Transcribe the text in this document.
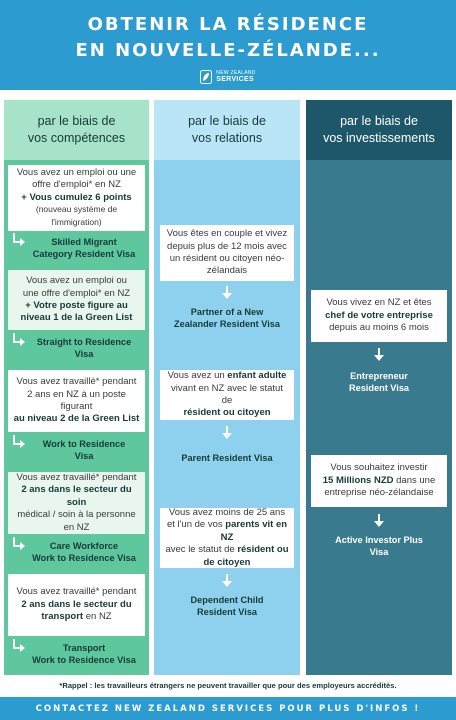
OBTENIR LA RÉSIDENCE
EN NOUVELLE-ZÉLANDE...
NEW ZEALAND
SERVICES
par le biais de
vos compétences
Vous avez un emploi ou une
offre d'emploi* en NZ
+ Vous cumulez 6 points
(nouveau système de l'immigration)
Skilled Migrant
Category Resident Visa
Vous avez un emploi ou
une offre d'emploi* en NZ
+ Votre poste figure au niveau 1 de la Green List
Straight to Residence
Visa
Vous avez travaillé* pendant 2 ans en NZ à un poste figurant
au niveau 2 de la Green List
Work to Residence
Visa
Vous avez travaillé* pendant
2 ans dans le secteur du soin
médical / soin à la personne en NZ
Care Workforce
Work to Residence Visa
Vous avez travaillé* pendant
2 ans dans le secteur du transport en NZ
Transport
Work to Residence Visa
par le biais de
vos relations
Vous êtes en couple et vivez depuis plus de 12 mois avec un résident ou citoyen néo-zélandais
Partner of a New
Zealander Resident Visa
Vous avez un enfant adulte
vivant en NZ avec le statut de
résident ou citoyen
Parent Resident Visa
Vous avez moins de 25 ans et l'un de vos parents vit en NZ
avec le statut de résident ou de citoyen
Dependent Child
Resident Visa
par le biais de
vos investissements
Vous vivez en NZ et êtes chef de votre entreprise
depuis au moins 6 mois
Entrepreneur
Resident Visa
Vous souhaitez investir
15 Millions NZD dans une entreprise néo-zélandaise
Active Investor Plus
Visa
*Rappel : les travailleurs étrangers ne peuvent travailler que pour des employeurs accrédités.
CONTACTEZ NEW ZEALAND SERVICES POUR PLUS D'INFOS !
